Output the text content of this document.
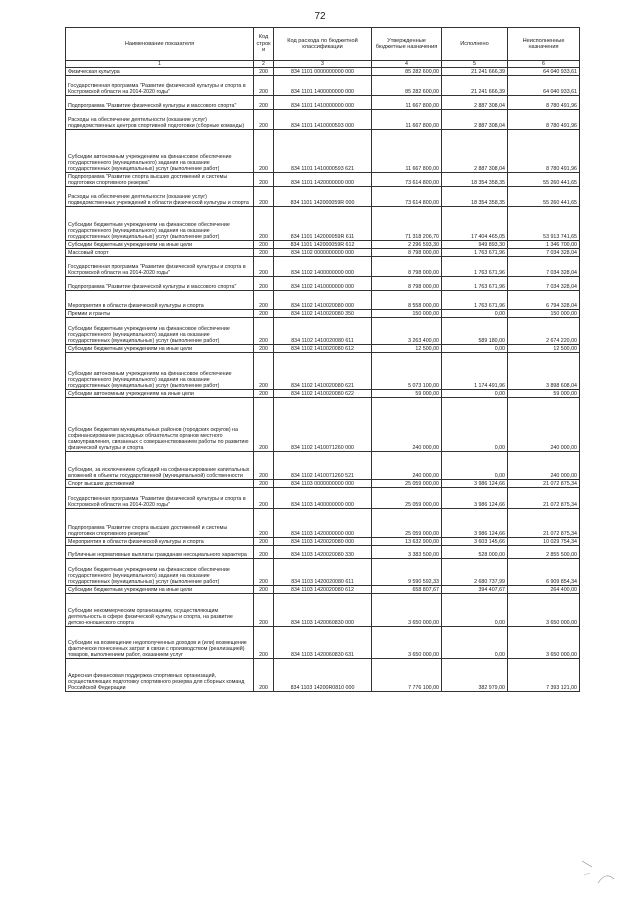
72
Наименование показателя	Код строк и	Код расхода по бюджетной классификации	Утвержденные бюджетные назначения	Исполнено	Неисполненные назначения
1	2	3	4	5	6
Физическая культура	200	834 1101 0000000000 000	85 282 600,00	21 241 666,39	64 040 933,61
Государственная программа "Развитие физической культуры и спорта в Костромской области на 2014-2020 годы"	200	834 1101 1400000000 000	85 282 600,00	21 241 666,39	64 040 933,61
Подпрограмма "Развитие физической культуры и массового спорта"	200	834 1101 1410000000 000	11 667 800,00	2 887 308,04	8 780 491,96
Расходы на обеспечение деятельности (оказание услуг) подведомственных центров спортивной подготовки (сборные команды)	200	834 1101 1410000593 000	11 667 800,00	2 887 308,04	8 780 491,96
Субсидии автономным учреждениям на финансовое обеспечение государственного (муниципального) задания на оказание государственных (муниципальных) услуг (выполнение работ)	200	834 1101 1410000593 621	11 667 800,00	2 887 308,04	8 780 491,96
Подпрограмма "Развитие спорта высших достижений и системы подготовки спортивного резерва"	200	834 1101 1420000000 000	73 614 800,00	18 354 358,35	55 260 441,65
Расходы на обеспечение деятельности (оказание услуг) подведомственных учреждений в области физической культуры и спорта	200	834 1101 142000059R 000	73 614 800,00	18 354 358,35	55 260 441,65
Субсидии бюджетным учреждениям на финансовое обеспечение государственного (муниципального) задания на оказание государственных (муниципальных) услуг (выполнение работ)	200	834 1101 142000059R 611	71 318 206,70	17 404 465,05	53 913 741,65
Субсидии бюджетным учреждениям на иные цели	200	834 1101 142000059R 612	2 296 593,30	949 893,30	1 346 700,00
Массовый спорт	200	834 1102 0000000000 000	8 798 000,00	1 763 671,96	7 034 328,04
Государственная программа "Развитие физической культуры и спорта в Костромской области на 2014-2020 годы"	200	834 1102 1400000000 000	8 798 000,00	1 763 671,96	7 034 328,04
Подпрограмма "Развитие физической культуры и массового спорта"	200	834 1102 1410000000 000	8 798 000,00	1 763 671,96	7 034 328,04
Мероприятия в области физической культуры и спорта	200	834 1102 1410020080 000	8 558 000,00	1 763 671,96	6 794 328,04
Премии и гранты	200	834 1102 1410020080 350	150 000,00	0,00	150 000,00
Субсидии бюджетным учреждениям на финансовое обеспечение государственного (муниципального) задания на оказание государственных (муниципальных) услуг (выполнение работ)	200	834 1102 1410020080 611	3 263 400,00	589 180,00	2 674 220,00
Субсидии бюджетным учреждениям на иные цели	200	834 1102 1410020080 612	12 500,00	0,00	12 500,00
Субсидии автономным учреждениям на финансовое обеспечение государственного (муниципального) задания на оказание государственных (муниципальных) услуг (выполнение работ)	200	834 1102 1410020080 621	5 073 100,00	1 174 491,96	3 898 608,04
Субсидии автономным учреждениям на иные цели	200	834 1102 1410020080 622	59 000,00	0,00	59 000,00
Субсидии бюджетам муниципальных районов (городских округов) на софинансирование расходных обязательств органов местного самоуправления, связанных с совершенствованием работы по развитию физической культуры и спорта	200	834 1102 1410071260 000	240 000,00	0,00	240 000,00
Субсидии, за исключением субсидий на софинансирование капитальных вложений в объекты государственной (муниципальной) собственности	200	834 1102 1410071260 521	240 000,00	0,00	240 000,00
Спорт высших достижений	200	834 1103 0000000000 000	25 059 000,00	3 986 124,66	21 072 875,34
Государственная программа "Развитие физической культуры и спорта в Костромской области на 2014-2020 годы"	200	834 1103 1400000000 000	25 059 000,00	3 986 124,66	21 072 875,34
Подпрограмма "Развитие спорта высших достижений и системы подготовки спортивного резерва"	200	834 1103 1420000000 000	25 059 000,00	3 986 124,66	21 072 875,34
Мероприятия в области физической культуры и спорта	200	834 1103 1420020080 000	13 632 900,00	3 603 145,66	10 029 754,34
Публичные нормативные выплаты гражданам несоциального характера	200	834 1103 1420020080 330	3 383 500,00	528 000,00	2 855 500,00
Субсидии бюджетным учреждениям на финансовое обеспечение государственного (муниципального) задания на оказание государственных (муниципальных) услуг (выполнение работ)	200	834 1103 1420020080 611	9 590 592,33	2 680 737,99	6 909 854,34
Субсидии бюджетным учреждениям на иные цели	200	834 1103 1420020080 612	658 807,67	394 407,67	264 400,00
Субсидии некоммерческим организациям, осуществляющим деятельность в сфере физической культуры и спорта, на развитие детско-юношеского спорта	200	834 1103 1420060830 000	3 650 000,00	0,00	3 650 000,00
Субсидии на возмещение недополученных доходов и (или) возмещение фактически понесенных затрат в связи с производством (реализацией) товаров, выполнением работ, оказанием услуг	200	834 1103 1420060830 631	3 650 000,00	0,00	3 650 000,00
Адресная финансовая поддержка спортивных организаций, осуществляющих подготовку спортивного резерва для сборных команд Российской Федерации	200	834 1103 14200R0810 000	7 776 100,00	382 979,00	7 393 121,00
